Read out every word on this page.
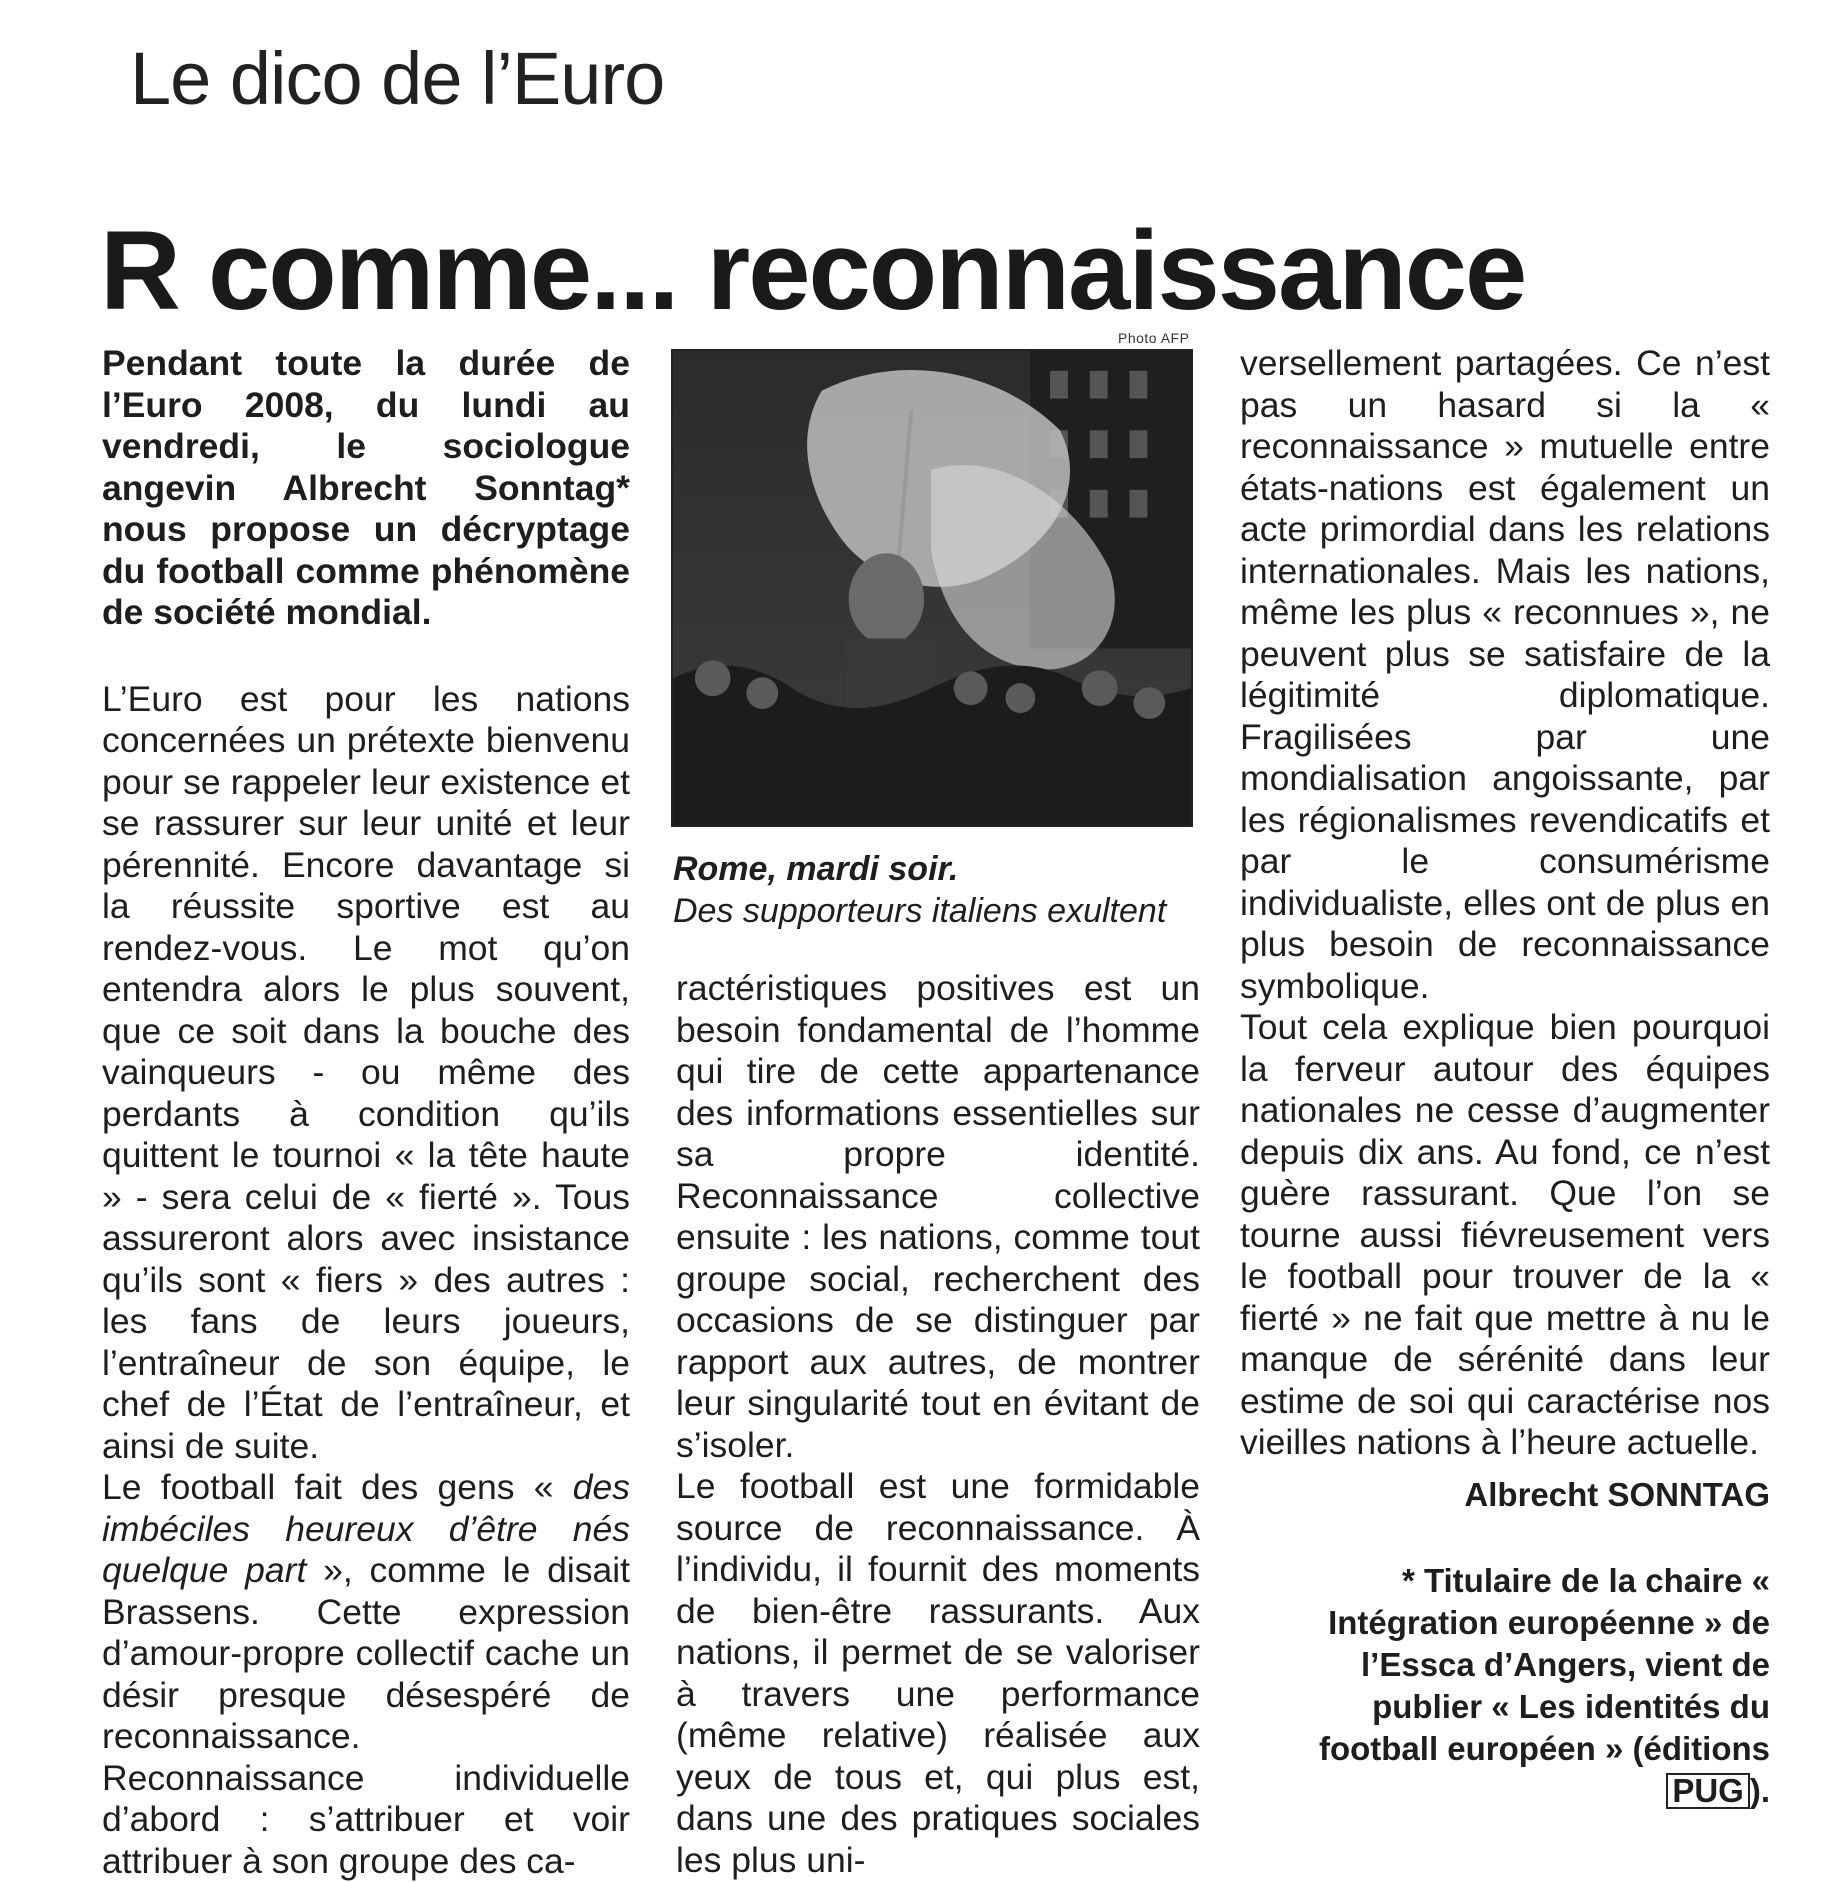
Le dico de l’Euro
R comme... reconnaissance

Pendant toute la durée de l’Euro 2008, du lundi au vendredi, le sociologue angevin Albrecht Sonntag* nous propose un décryptage du football comme phénomène de société mondial.

L’Euro est pour les nations concernées un prétexte bienvenu pour se rappeler leur existence et se rassurer sur leur unité et leur pérennité. Encore davantage si la réussite sportive est au rendez-vous. Le mot qu’on entendra alors le plus souvent, que ce soit dans la bouche des vainqueurs - ou même des perdants à condition qu’ils quittent le tournoi « la tête haute » - sera celui de « fierté ». Tous assureront alors avec insistance qu’ils sont « fiers » des autres : les fans de leurs joueurs, l’entraîneur de son équipe, le chef de l’État de l’entraîneur, et ainsi de suite.

Le football fait des gens « des imbéciles heureux d’être nés quelque part », comme le disait Brassens. Cette expression d’amour-propre collectif cache un désir presque désespéré de reconnaissance. Reconnaissance individuelle d’abord : s’attribuer et voir attribuer à son groupe des ca-

Photo AFP
Rome, mardi soir.
Des supporteurs italiens exultent

ractéristiques positives est un besoin fondamental de l’homme qui tire de cette appartenance des informations essentielles sur sa propre identité. Reconnaissance collective ensuite : les nations, comme tout groupe social, recherchent des occasions de se distinguer par rapport aux autres, de montrer leur singularité tout en évitant de s’isoler.

Le football est une formidable source de reconnaissance. À l’individu, il fournit des moments de bien-être rassurants. Aux nations, il permet de se valoriser à travers une performance (même relative) réalisée aux yeux de tous et, qui plus est, dans une des pratiques sociales les plus uni-

versellement partagées. Ce n’est pas un hasard si la « reconnaissance » mutuelle entre états-nations est également un acte primordial dans les relations internationales. Mais les nations, même les plus « reconnues », ne peuvent plus se satisfaire de la légitimité diplomatique. Fragilisées par une mondialisation angoissante, par les régionalismes revendicatifs et par le consumérisme individualiste, elles ont de plus en plus besoin de reconnaissance symbolique.

Tout cela explique bien pourquoi la ferveur autour des équipes nationales ne cesse d’augmenter depuis dix ans. Au fond, ce n’est guère rassurant. Que l’on se tourne aussi fiévreusement vers le football pour trouver de la « fierté » ne fait que mettre à nu le manque de sérénité dans leur estime de soi qui caractérise nos vieilles nations à l’heure actuelle.

Albrecht SONNTAG
* Titulaire de la chaire « Intégration européenne » de l’Essca d’Angers, vient de publier « Les identités du football européen » (éditions PUG ).
